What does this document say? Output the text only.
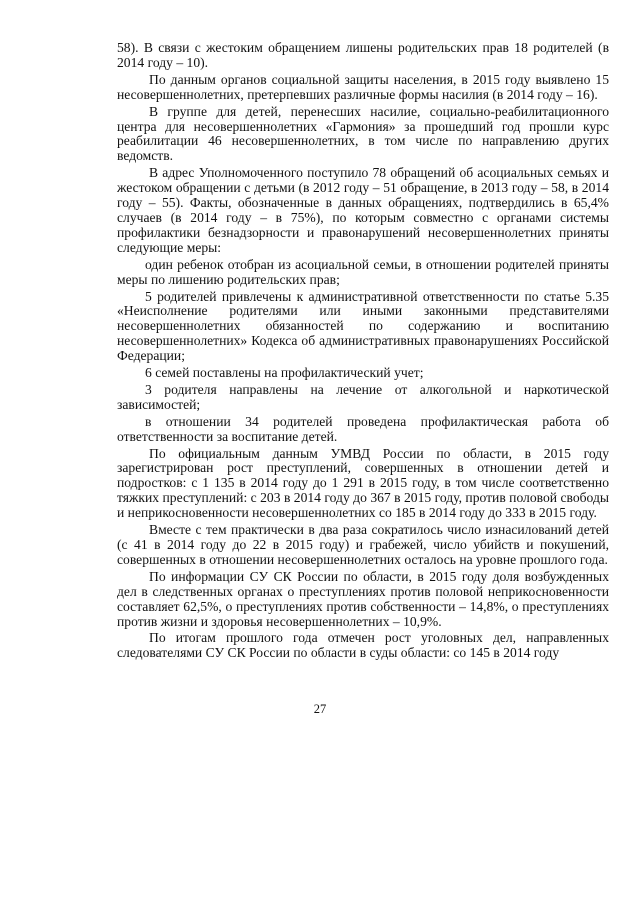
58). В связи с жестоким обращением лишены родительских прав 18 родителей (в 2014 году – 10).

По данным органов социальной защиты населения, в 2015 году выявлено 15 несовершеннолетних, претерпевших различные формы насилия (в 2014 году – 16).

В группе для детей, перенесших насилие, социально-реабилитационного центра для несовершеннолетних «Гармония» за прошедший год прошли курс реабилитации 46 несовершеннолетних, в том числе по направлению других ведомств.

В адрес Уполномоченного поступило 78 обращений об асоциальных семьях и жестоком обращении с детьми (в 2012 году – 51 обращение, в 2013 году – 58, в 2014 году – 55). Факты, обозначенные в данных обращениях, подтвердились в 65,4% случаев (в 2014 году – в 75%), по которым совместно с органами системы профилактики безнадзорности и правонарушений несовершеннолетних приняты следующие меры:

один ребенок отобран из асоциальной семьи, в отношении родителей приняты меры по лишению родительских прав;

5 родителей привлечены к административной ответственности по статье 5.35 «Неисполнение родителями или иными законными представителями несовершеннолетних обязанностей по содержанию и воспитанию несовершеннолетних» Кодекса об административных правонарушениях Российской Федерации;

6 семей поставлены на профилактический учет;

3 родителя направлены на лечение от алкогольной и наркотической зависимостей;

в отношении 34 родителей проведена профилактическая работа об ответственности за воспитание детей.

По официальным данным УМВД России по области, в 2015 году зарегистрирован рост преступлений, совершенных в отношении детей и подростков: с 1 135 в 2014 году до 1 291 в 2015 году, в том числе соответственно тяжких преступлений: с 203 в 2014 году до 367 в 2015 году, против половой свободы и неприкосновенности несовершеннолетних со 185 в 2014 году до 333 в 2015 году.

Вместе с тем практически в два раза сократилось число изнасилований детей (с 41 в 2014 году до 22 в 2015 году) и грабежей, число убийств и покушений, совершенных в отношении несовершеннолетних осталось на уровне прошлого года.

По информации СУ СК России по области, в 2015 году доля возбужденных дел в следственных органах о преступлениях против половой неприкосновенности составляет 62,5%, о преступлениях против собственности – 14,8%, о преступлениях против жизни и здоровья несовершеннолетних – 10,9%.

По итогам прошлого года отмечен рост уголовных дел, направленных следователями СУ СК России по области в суды области: со 145 в 2014 году

27
